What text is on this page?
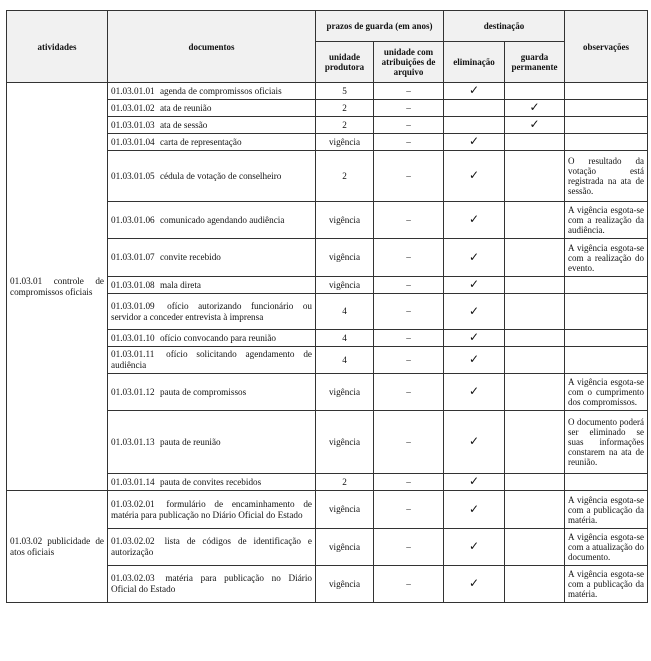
atividades	documentos	prazos de guarda (em anos)		destinação		observações
		unidade produtora	unidade com atribuições de arquivo	eliminação	guarda permanente	
01.03.01 controle de compromissos oficiais	01.03.01.01 agenda de compromissos oficiais	5	–	✓		
	01.03.01.02 ata de reunião	2	–		✓	
	01.03.01.03 ata de sessão	2	–		✓	
	01.03.01.04 carta de representação	vigência	–	✓		
	01.03.01.05 cédula de votação de conselheiro	2	–	✓		O resultado da votação está registrada na ata de sessão.
	01.03.01.06 comunicado agendando audiência	vigência	–	✓		A vigência esgota-se com a realização da audiência.
	01.03.01.07 convite recebido	vigência	–	✓		A vigência esgota-se com a realização do evento.
	01.03.01.08 mala direta	vigência	–	✓		
	01.03.01.09 ofício autorizando funcionário ou servidor a conceder entrevista à imprensa	4	–	✓		
	01.03.01.10 ofício convocando para reunião	4	–	✓		
	01.03.01.11 ofício solicitando agendamento de audiência	4	–	✓		
	01.03.01.12 pauta de compromissos	vigência	–	✓		A vigência esgota-se com o cumprimento dos compromissos.
	01.03.01.13 pauta de reunião	vigência	–	✓		O documento poderá ser eliminado se suas informações constarem na ata de reunião.
	01.03.01.14 pauta de convites recebidos	2	–	✓		
01.03.02 publicidade de atos oficiais	01.03.02.01 formulário de encaminhamento de matéria para publicação no Diário Oficial do Estado	vigência	–	✓		A vigência esgota-se com a publicação da matéria.
	01.03.02.02 lista de códigos de identificação e autorização	vigência	–	✓		A vigência esgota-se com a atualização do documento.
	01.03.02.03 matéria para publicação no Diário Oficial do Estado	vigência	–	✓		A vigência esgota-se com a publicação da matéria.
